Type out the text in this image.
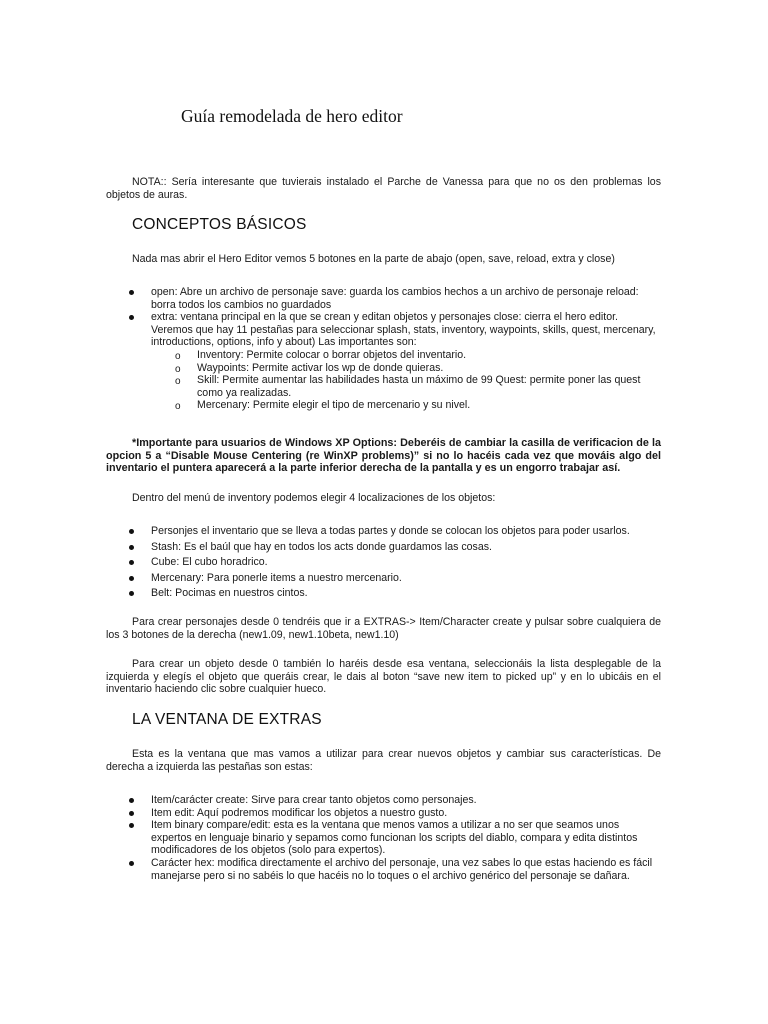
Guía remodelada de hero editor

NOTA:: Sería interesante que tuvierais instalado el Parche de Vanessa para que no os den problemas los objetos de auras.

CONCEPTOS BÁSICOS

Nada mas abrir el Hero Editor vemos 5 botones en la parte de abajo (open, save, reload, extra y close)

open: Abre un archivo de personaje save: guarda los cambios hechos a un archivo de personaje reload: borra todos los cambios no guardados
extra: ventana principal en la que se crean y editan objetos y personajes close: cierra el hero editor. Veremos que hay 11 pestañas para seleccionar splash, stats, inventory, waypoints, skills, quest, mercenary, introductions, options, info y about) Las importantes son:
o Inventory: Permite colocar o borrar objetos del inventario.
o Waypoints: Permite activar los wp de donde quieras.
o Skill: Permite aumentar las habilidades hasta un máximo de 99 Quest: permite poner las quest como ya realizadas.
o Mercenary: Permite elegir el tipo de mercenario y su nivel.

*Importante para usuarios de Windows XP Options: Deberéis de cambiar la casilla de verificacion de la opcion 5 a “Disable Mouse Centering (re WinXP problems)” si no lo hacéis cada vez que mováis algo del inventario el puntera aparecerá a la parte inferior derecha de la pantalla y es un engorro trabajar así.

Dentro del menú de inventory podemos elegir 4 localizaciones de los objetos:

Personjes el inventario que se lleva a todas partes y donde se colocan los objetos para poder usarlos.
Stash: Es el baúl que hay en todos los acts donde guardamos las cosas.
Cube: El cubo horadrico.
Mercenary: Para ponerle items a nuestro mercenario.
Belt: Pocimas en nuestros cintos.

Para crear personajes desde 0 tendréis que ir a EXTRAS-> Item/Character create y pulsar sobre cualquiera de los 3 botones de la derecha (new1.09, new1.10beta, new1.10)

Para crear un objeto desde 0 también lo haréis desde esa ventana, seleccionáis la lista desplegable de la izquierda y elegís el objeto que queráis crear, le dais al boton “save new item to picked up” y en lo ubicáis en el inventario haciendo clic sobre cualquier hueco.

LA VENTANA DE EXTRAS

Esta es la ventana que mas vamos a utilizar para crear nuevos objetos y cambiar sus características. De derecha a izquierda las pestañas son estas:

Item/carácter create: Sirve para crear tanto objetos como personajes.
Item edit: Aquí podremos modificar los objetos a nuestro gusto.
Item binary compare/edit: esta es la ventana que menos vamos a utilizar a no ser que seamos unos expertos en lenguaje binario y sepamos como funcionan los scripts del diablo, compara y edita distintos modificadores de los objetos (solo para expertos).
Carácter hex: modifica directamente el archivo del personaje, una vez sabes lo que estas haciendo es fácil manejarse pero si no sabéis lo que hacéis no lo toques o el archivo genérico del personaje se dañara.
